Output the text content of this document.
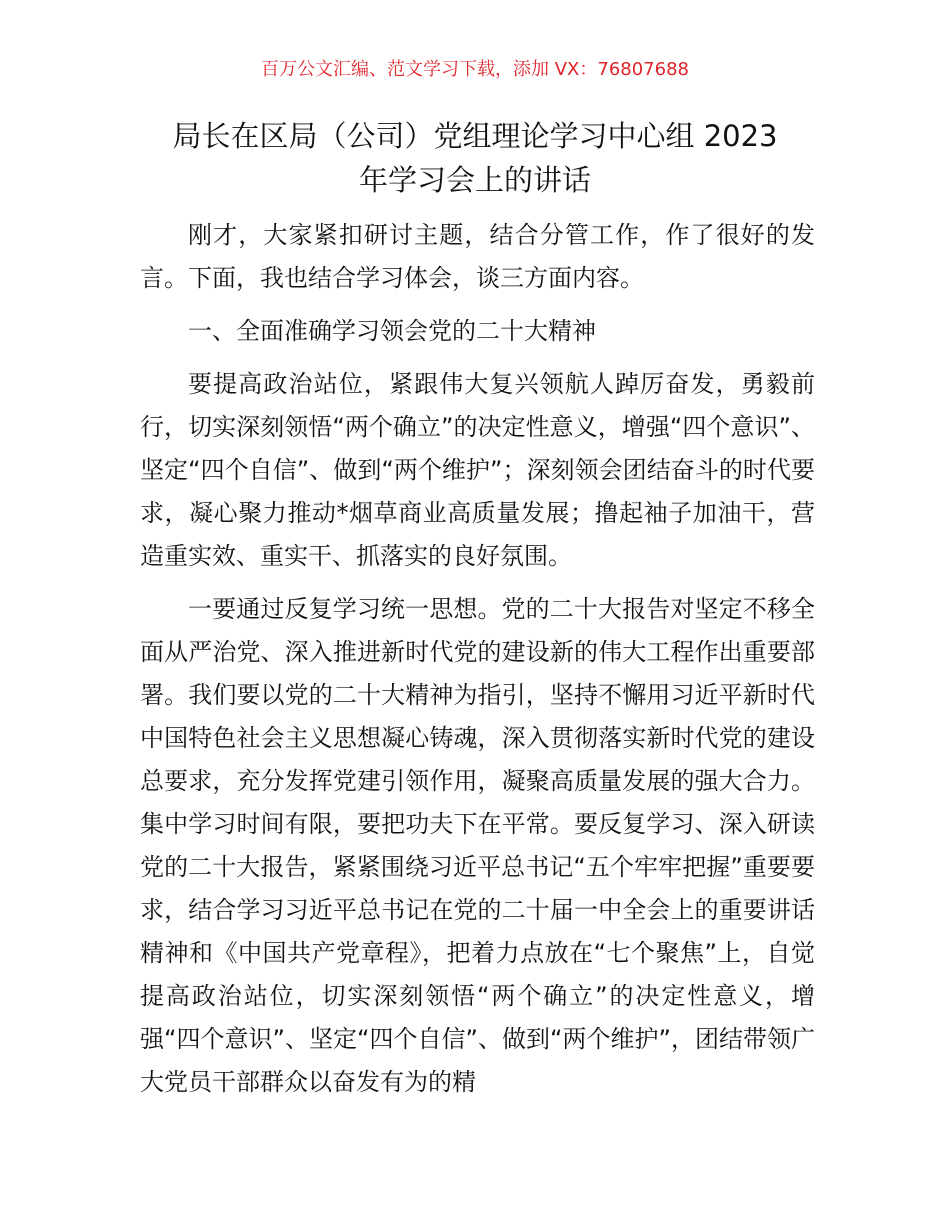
百万公文汇编、范文学习下载，添加 VX：76807688
局长在区局（公司）党组理论学习中心组 2023
年学习会上的讲话

刚才，大家紧扣研讨主题，结合分管工作，作了很好的发言。下面，我也结合学习体会，谈三方面内容。

一、全面准确学习领会党的二十大精神

要提高政治站位，紧跟伟大复兴领航人踔厉奋发，勇毅前行，切实深刻领悟“两个确立”的决定性意义，增强“四个意识”、坚定“四个自信”、做到“两个维护”；深刻领会团结奋斗的时代要求，凝心聚力推动*烟草商业高质量发展；撸起袖子加油干，营造重实效、重实干、抓落实的良好氛围。

一要通过反复学习统一思想。党的二十大报告对坚定不移全面从严治党、深入推进新时代党的建设新的伟大工程作出重要部署。我们要以党的二十大精神为指引，坚持不懈用习近平新时代中国特色社会主义思想凝心铸魂，深入贯彻落实新时代党的建设总要求，充分发挥党建引领作用，凝聚高质量发展的强大合力。集中学习时间有限，要把功夫下在平常。要反复学习、深入研读党的二十大报告，紧紧围绕习近平总书记“五个牢牢把握”重要要求，结合学习习近平总书记在党的二十届一中全会上的重要讲话精神和《中国共产党章程》，把着力点放在“七个聚焦”上，自觉提高政治站位，切实深刻领悟“两个确立”的决定性意义，增强“四个意识”、坚定“四个自信”、做到“两个维护”，团结带领广大党员干部群众以奋发有为的精
